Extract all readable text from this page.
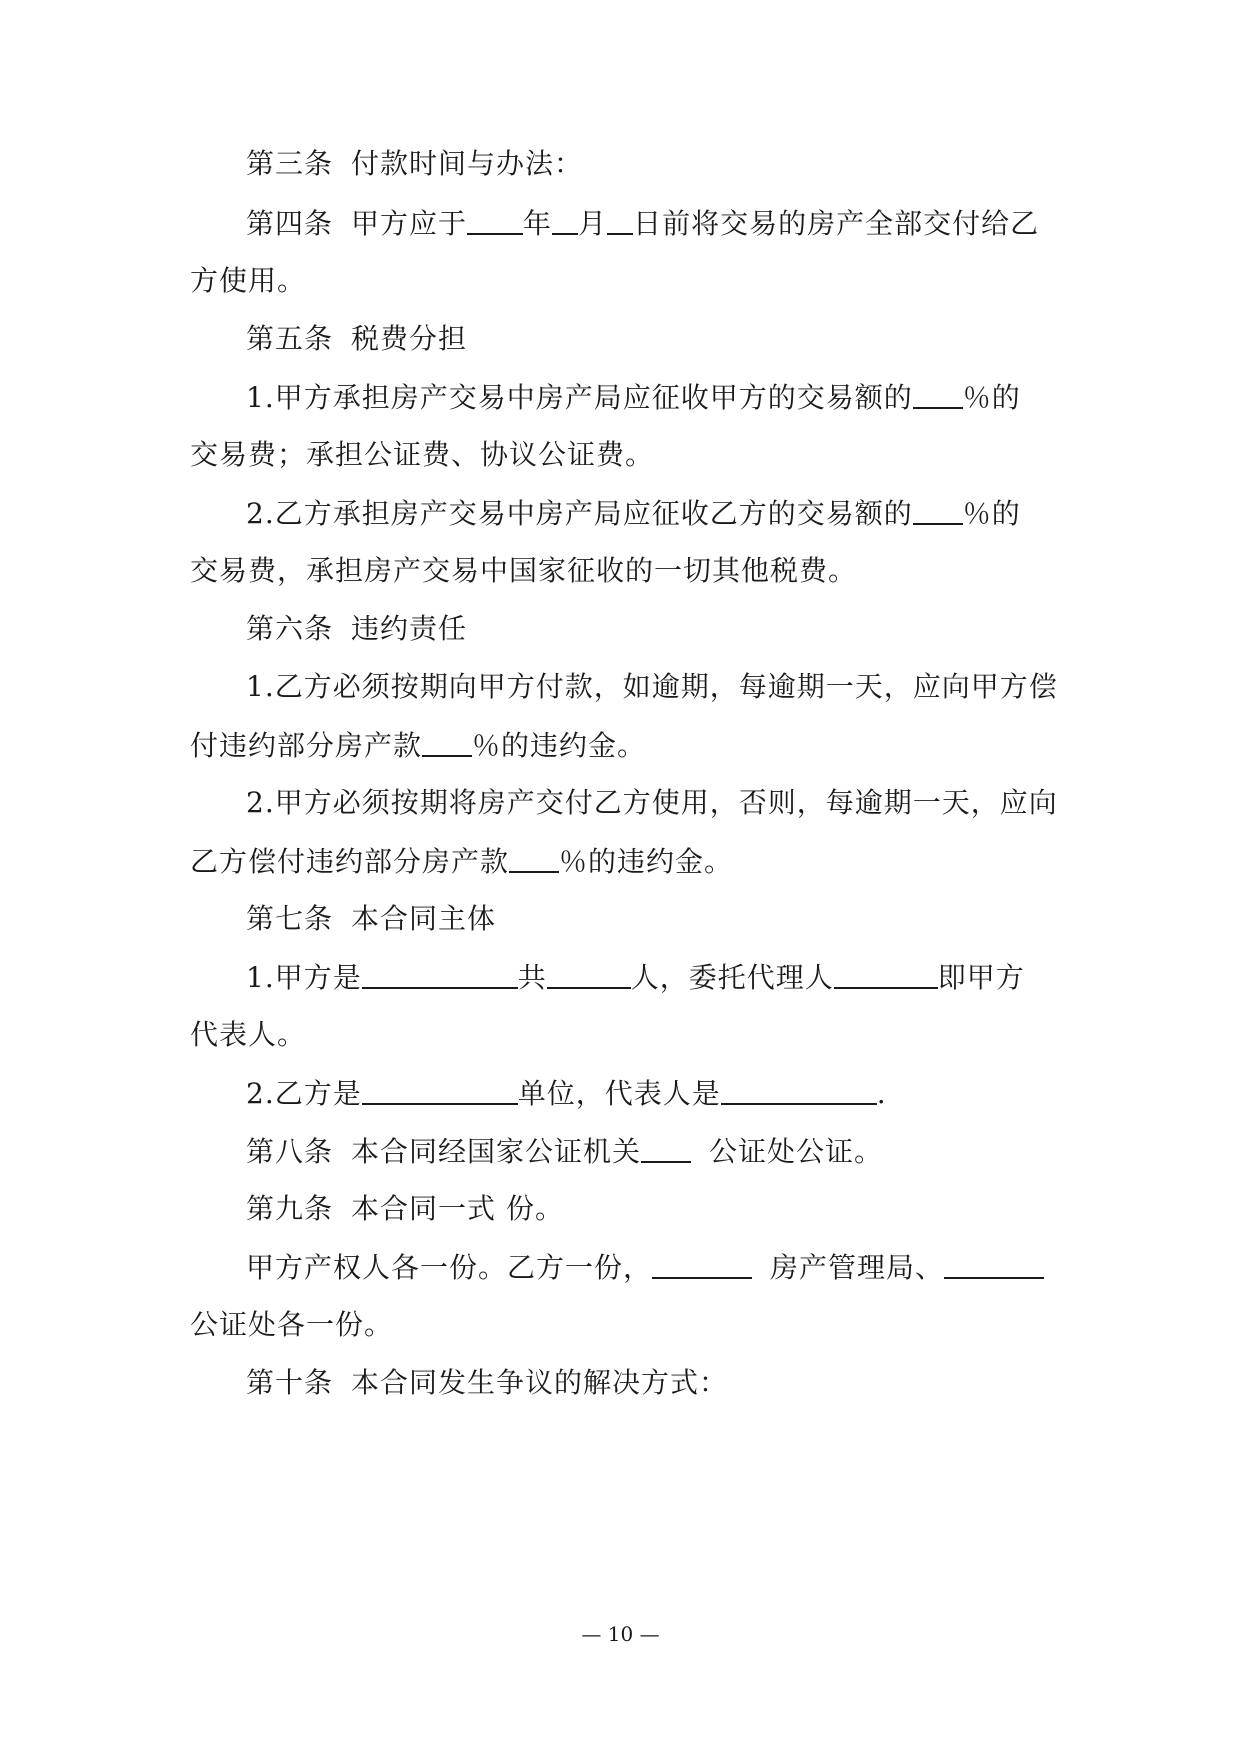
第三条 付款时间与办法：
第四条 甲方应于 年 月 日前将交易的房产全部交付给乙
方使用。
第五条 税费分担
1.甲方承担房产交易中房产局应征收甲方的交易额的 ％的
交易费；承担公证费、协议公证费。
2.乙方承担房产交易中房产局应征收乙方的交易额的 ％的
交易费，承担房产交易中国家征收的一切其他税费。
第六条 违约责任
1.乙方必须按期向甲方付款，如逾期，每逾期一天，应向甲方偿
付违约部分房产款 ％的违约金。
2.甲方必须按期将房产交付乙方使用，否则，每逾期一天，应向
乙方偿付违约部分房产款 ％的违约金。
第七条 本合同主体
1.甲方是	共	人，委托代理人	即甲方
代表人。
2.乙方是	单位，代表人是	.
第八条 本合同经国家公证机关 公证处公证。
第九条 本合同一式 份。
甲方产权人各一份。乙方一份，	房产管理局、
公证处各一份。
第十条 本合同发生争议的解决方式：
— 10 —
